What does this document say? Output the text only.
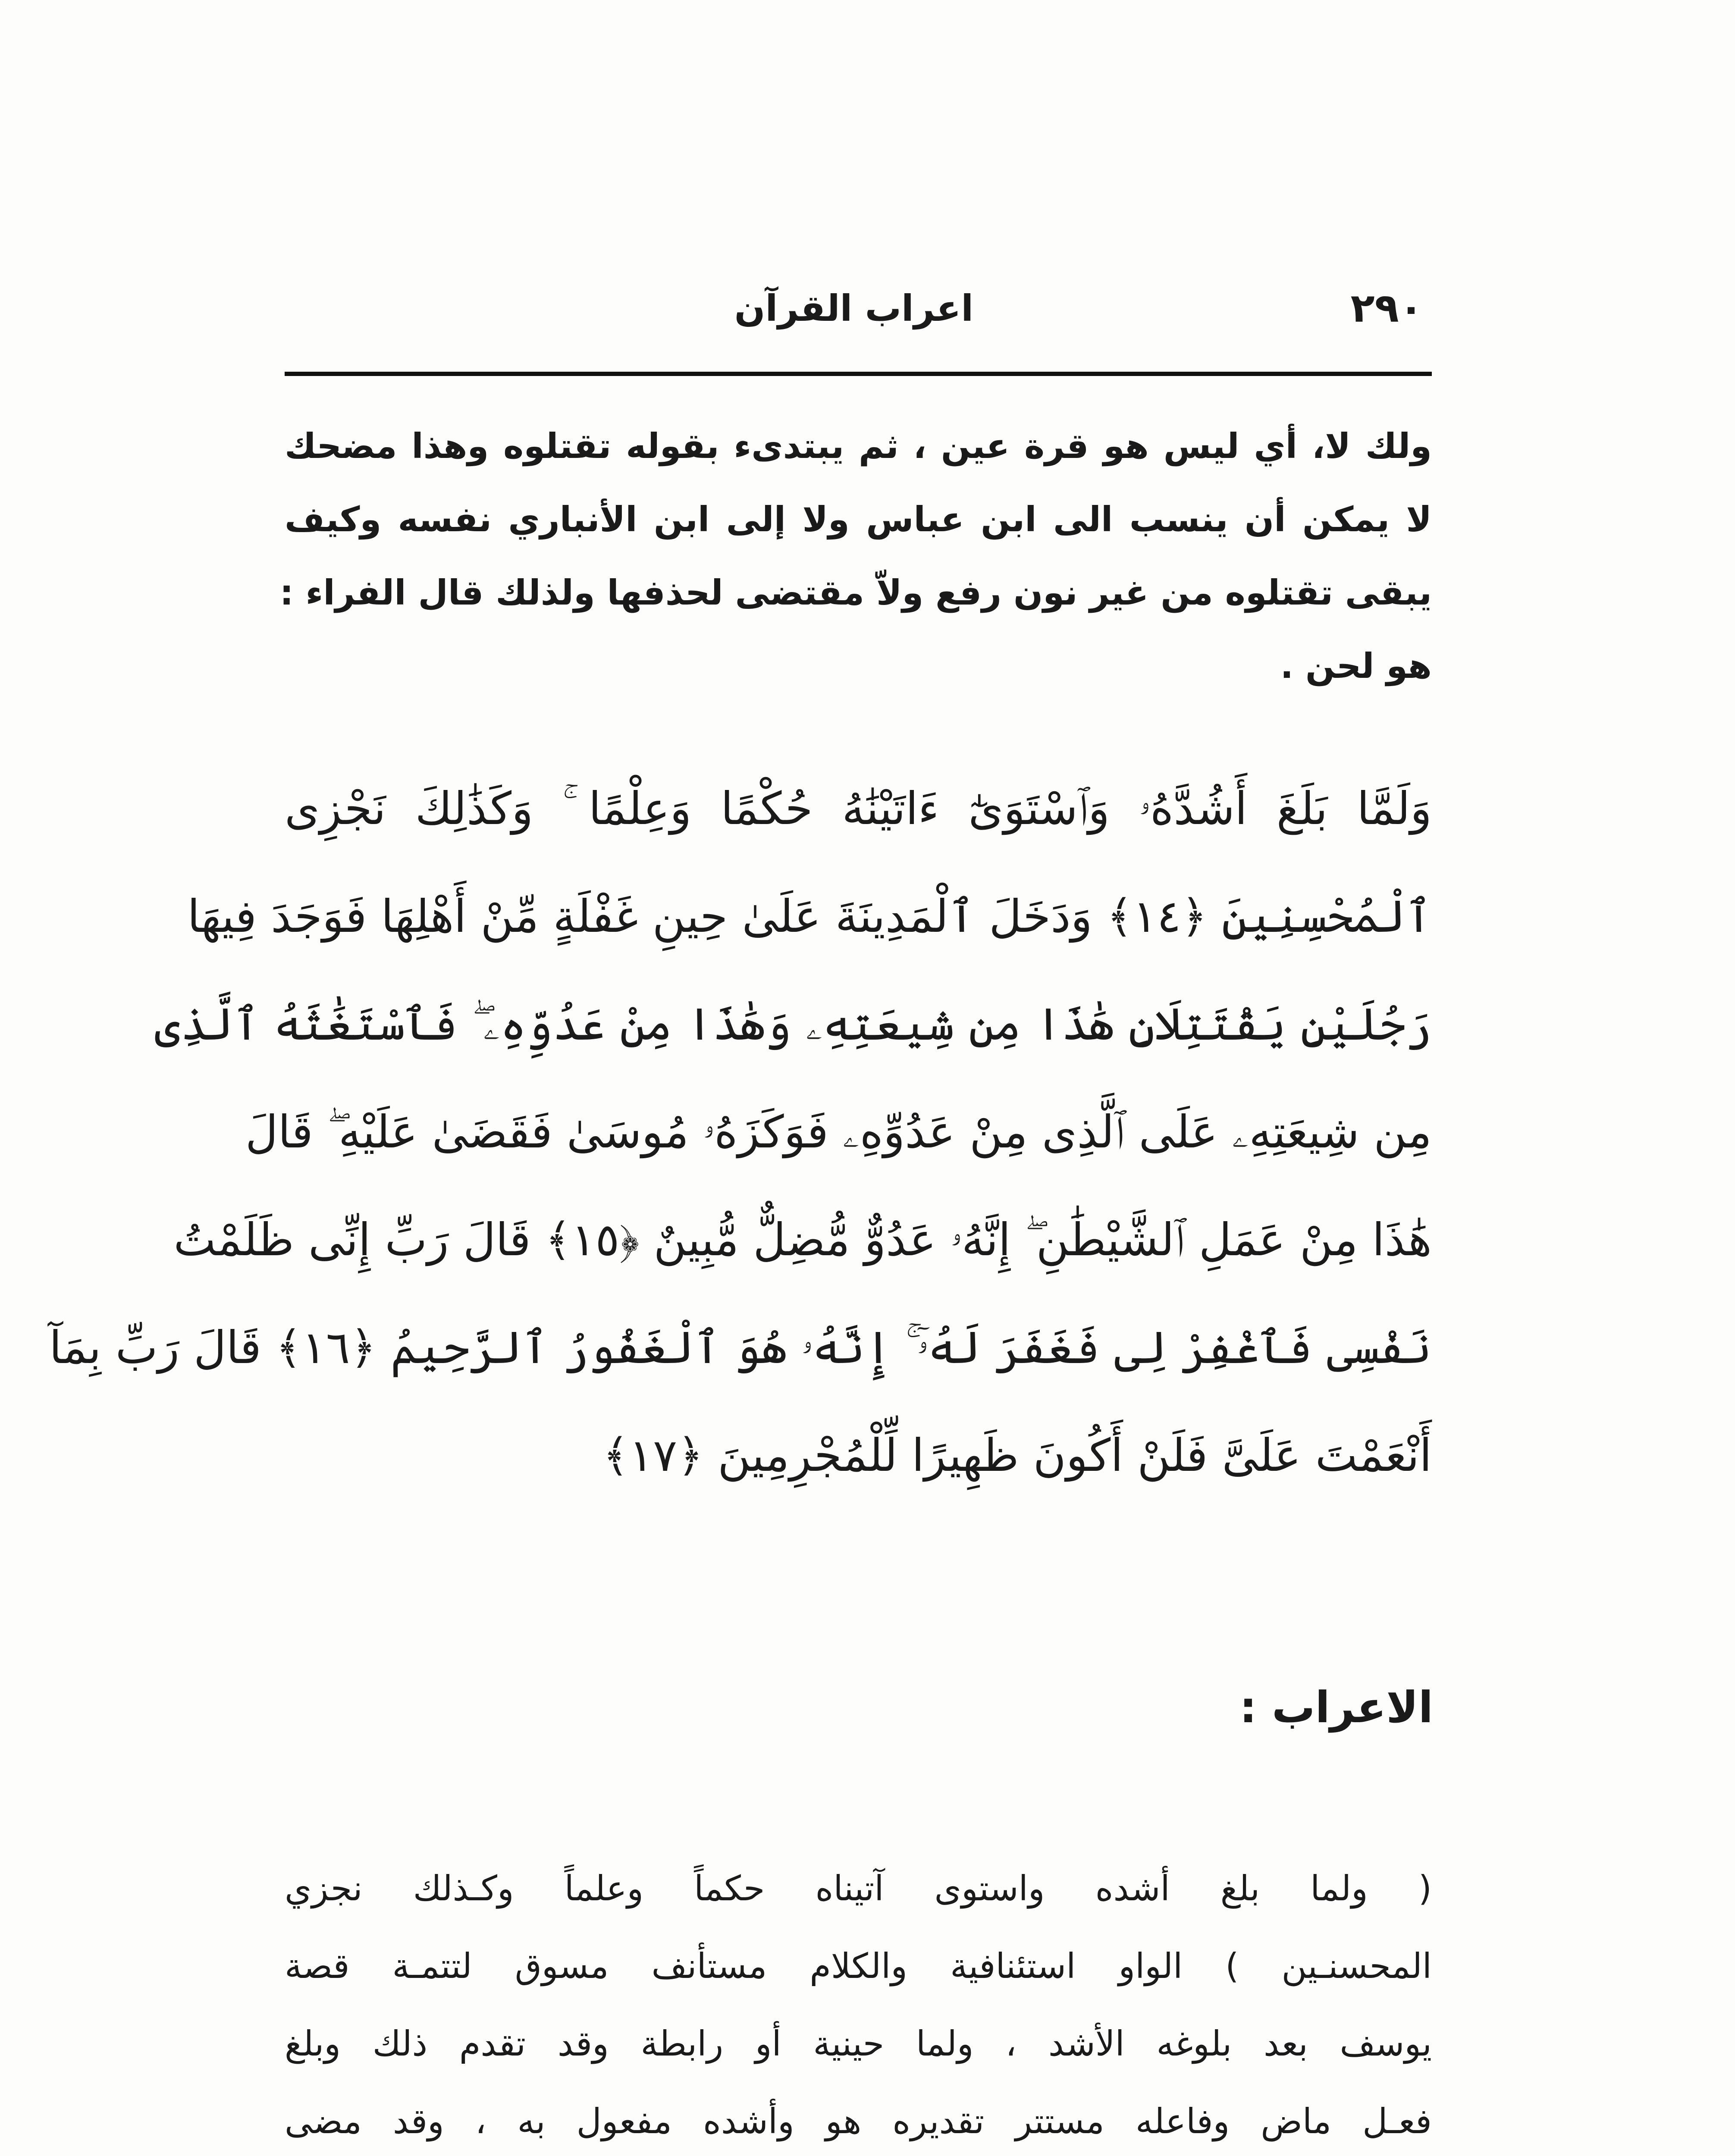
٢٩٠
اعراب القرآن
ولك لا، أي ليس هو قرة عين ، ثم يبتدىء بقوله تقتلوه وهذا مضحك
لا يمكن أن ينسب الى ابن عباس ولا إلى ابن الأنباري نفسه وكيف
يبقى تقتلوه من غير نون رفع ولاّ مقتضى لحذفها ولذلك قال الفراء :
هو لحن .
وَلَمَّا بَلَغَ أَشُدَّهُۥ وَٱسْتَوَىٰٓ ءَاتَيْنَٰهُ حُكْمًا وَعِلْمًا ۚ وَكَذَٰلِكَ نَجْزِى
ٱلْمُحْسِنِينَ ﴿١٤﴾ وَدَخَلَ ٱلْمَدِينَةَ عَلَىٰ حِينِ غَفْلَةٍ مِّنْ أَهْلِهَا فَوَجَدَ فِيهَا
رَجُلَيْنِ يَقْتَتِلَانِ هَٰذَا مِن شِيعَتِهِۦ وَهَٰذَا مِنْ عَدُوِّهِۦ ۖ فَٱسْتَغَٰثَهُ ٱلَّذِى
مِن شِيعَتِهِۦ عَلَى ٱلَّذِى مِنْ عَدُوِّهِۦ فَوَكَزَهُۥ مُوسَىٰ فَقَضَىٰ عَلَيْهِ ۖ قَالَ
هَٰذَا مِنْ عَمَلِ ٱلشَّيْطَٰنِ ۖ إِنَّهُۥ عَدُوٌّ مُّضِلٌّ مُّبِينٌ ﴿١٥﴾ قَالَ رَبِّ إِنِّى ظَلَمْتُ
نَفْسِى فَٱغْفِرْ لِى فَغَفَرَ لَهُۥٓ ۚ إِنَّهُۥ هُوَ ٱلْغَفُورُ ٱلرَّحِيمُ ﴿١٦﴾ قَالَ رَبِّ بِمَآ
أَنْعَمْتَ عَلَىَّ فَلَنْ أَكُونَ ظَهِيرًا لِّلْمُجْرِمِينَ ﴿١٧﴾
الاعراب :
( ولما بلغ أشده واستوى آتيناه حكماً وعلماً وكـذلك نجزي
المحسنـين ) الواو استئنافية والكلام مستأنف مسوق لتتمـة قصة
يوسف بعد بلوغه الأشد ، ولما حينية أو رابطة وقد تقدم ذلك وبلغ
فعـل ماض وفاعله مستتر تقديره هو وأشده مفعول به ، وقد مضى
